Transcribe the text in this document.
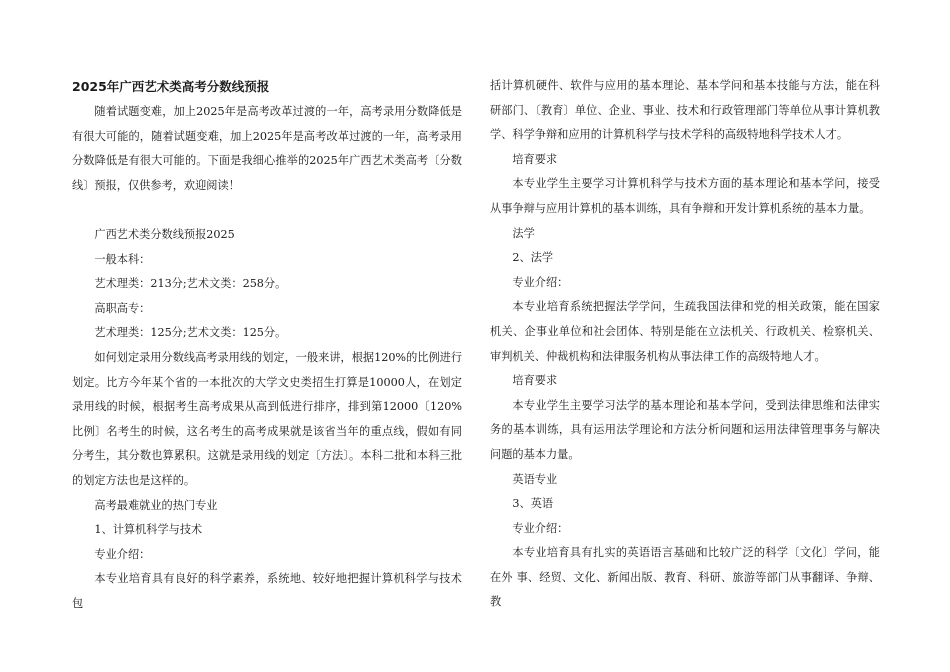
2025年广西艺术类高考分数线预报

随着试题变难，加上2025年是高考改革过渡的一年，高考录用分数降低是有很大可能的，随着试题变难，加上2025年是高考改革过渡的一年，高考录用分数降低是有很大可能的。下面是我细心推举的2025年广西艺术类高考〔分数线〕预报，仅供参考，欢迎阅读！

广西艺术类分数线预报2025

一般本科：

艺术理类：213分;艺术文类：258分。

高职高专：

艺术理类：125分;艺术文类：125分。

如何划定录用分数线高考录用线的划定，一般来讲，根据120%的比例进行划定。比方今年某个省的一本批次的大学文史类招生打算是10000人，在划定录用线的时候，根据考生高考成果从高到低进行排序，排到第12000〔120%比例〕名考生的时候，这名考生的高考成果就是该省当年的重点线，假如有同分考生，其分数也算累积。这就是录用线的划定〔方法〕。本科二批和本科三批的划定方法也是这样的。

高考最难就业的热门专业

1、计算机科学与技术

专业介绍：

本专业培育具有良好的科学素养，系统地、较好地把握计算机科学与技术包

括计算机硬件、软件与应用的基本理论、基本学问和基本技能与方法，能在科研部门、〔教育〕单位、企业、事业、技术和行政管理部门等单位从事计算机教学、科学争辩和应用的计算机科学与技术学科的高级特地科学技术人才。

培育要求

本专业学生主要学习计算机科学与技术方面的基本理论和基本学问，接受从事争辩与应用计算机的基本训练，具有争辩和开发计算机系统的基本力量。

法学

2、法学

专业介绍：

本专业培育系统把握法学学问，生疏我国法律和党的相关政策，能在国家机关、企事业单位和社会团体、特别是能在立法机关、行政机关、检察机关、审判机关、仲裁机构和法律服务机构从事法律工作的高级特地人才。

培育要求

本专业学生主要学习法学的基本理论和基本学问，受到法律思维和法律实务的基本训练，具有运用法学理论和方法分析问题和运用法律管理事务与解决问题的基本力量。

英语专业

3、英语

专业介绍：

本专业培育具有扎实的英语语言基础和比较广泛的科学〔文化〕学问，能在外 事、经贸、文化、新闻出版、教育、科研、旅游等部门从事翻译、争辩、教
